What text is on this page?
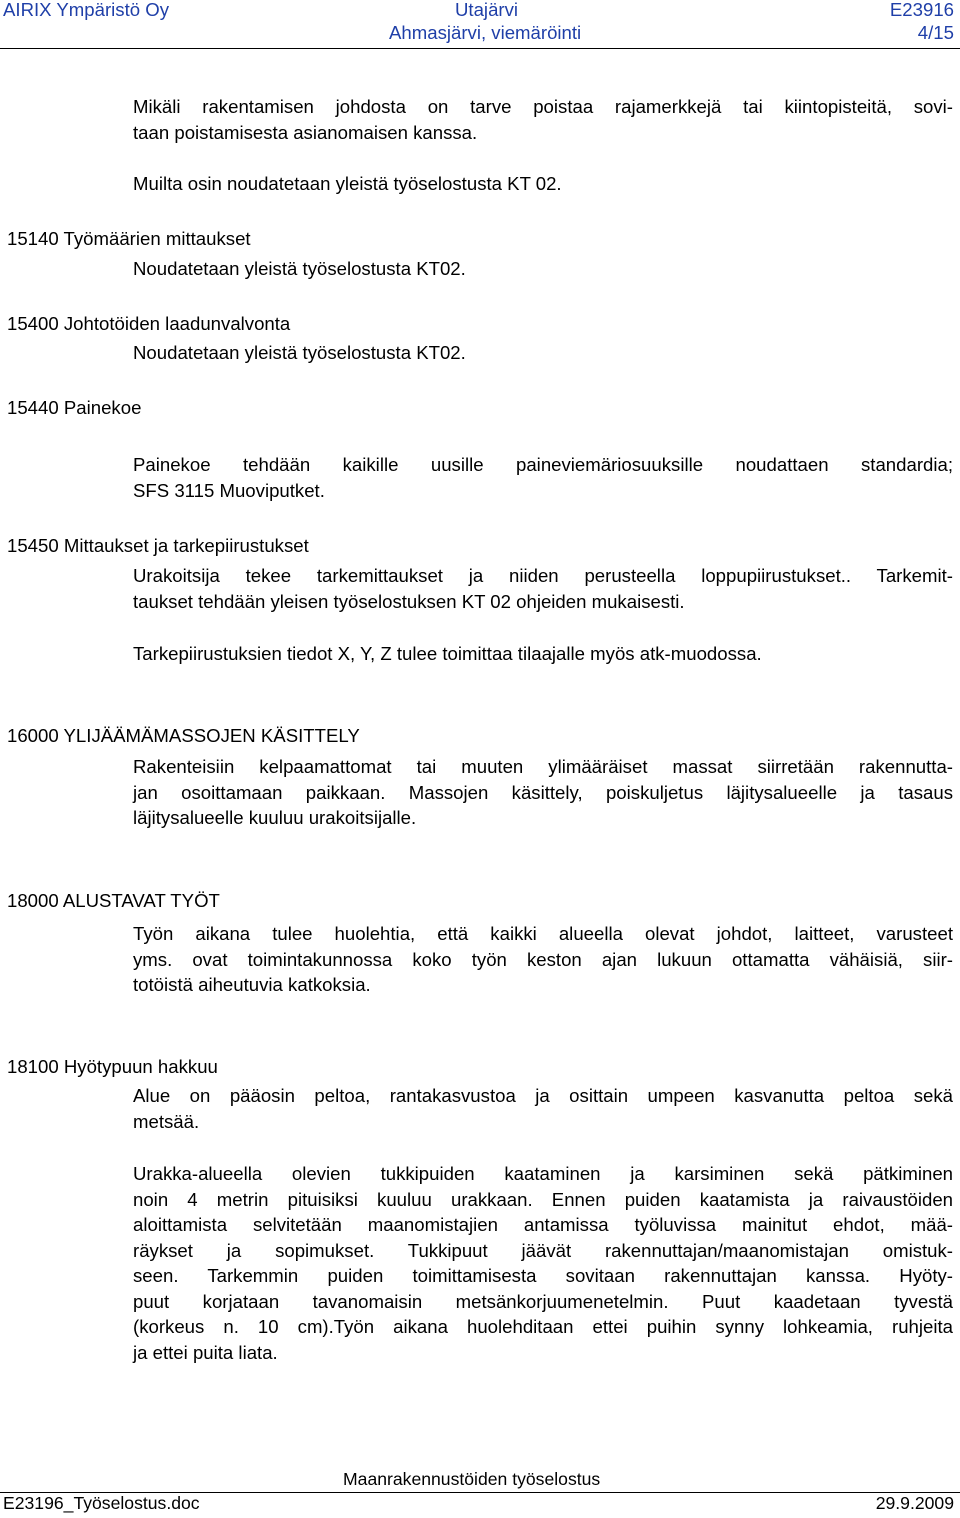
AIRIX Ympäristö Oy	Utajärvi	E23916
Ahmasjärvi, viemäröinti	4/15
Mikäli rakentamisen johdosta on tarve poistaa rajamerkkejä tai kiintopisteitä, sovi-
taan poistamisesta asianomaisen kanssa.
Muilta osin noudatetaan yleistä työselostusta KT 02.
15140 Työmäärien mittaukset
Noudatetaan yleistä työselostusta KT02.
15400 Johtotöiden laadunvalvonta
Noudatetaan yleistä työselostusta KT02.
15440 Painekoe
Painekoe tehdään kaikille uusille paineviemäriosuuksille noudattaen standardia;
SFS 3115 Muoviputket.
15450 Mittaukset ja tarkepiirustukset
Urakoitsija tekee tarkemittaukset ja niiden perusteella loppupiirustukset.. Tarkemit-
taukset tehdään yleisen työselostuksen KT 02 ohjeiden mukaisesti.
Tarkepiirustuksien tiedot X, Y, Z tulee toimittaa tilaajalle myös atk-muodossa.
16000 YLIJÄÄMÄMASSOJEN KÄSITTELY
Rakenteisiin kelpaamattomat tai muuten ylimääräiset massat siirretään rakennutta-
jan osoittamaan paikkaan. Massojen käsittely, poiskuljetus läjitysalueelle ja tasaus
läjitysalueelle kuuluu urakoitsijalle.
18000 ALUSTAVAT TYÖT
Työn aikana tulee huolehtia, että kaikki alueella olevat johdot, laitteet, varusteet
yms. ovat toimintakunnossa koko työn keston ajan lukuun ottamatta vähäisiä, siir-
totöistä aiheutuvia katkoksia.
18100 Hyötypuun hakkuu
Alue on pääosin peltoa, rantakasvustoa ja osittain umpeen kasvanutta peltoa sekä
metsää.
Urakka-alueella olevien tukkipuiden kaataminen ja karsiminen sekä pätkiminen
noin 4 metrin pituisiksi kuuluu urakkaan. Ennen puiden kaatamista ja raivaustöiden
aloittamista selvitetään maanomistajien antamissa työluvissa mainitut ehdot, mää-
räykset ja sopimukset. Tukkipuut jäävät rakennuttajan/maanomistajan omistuk-
seen. Tarkemmin puiden toimittamisesta sovitaan rakennuttajan kanssa. Hyöty-
puut korjataan tavanomaisin metsänkorjuumenetelmin. Puut kaadetaan tyvestä
(korkeus n. 10 cm).Työn aikana huolehditaan ettei puihin synny lohkeamia, ruhjeita
ja ettei puita liata.
Maanrakennustöiden työselostus
E23196_Työselostus.doc	29.9.2009
